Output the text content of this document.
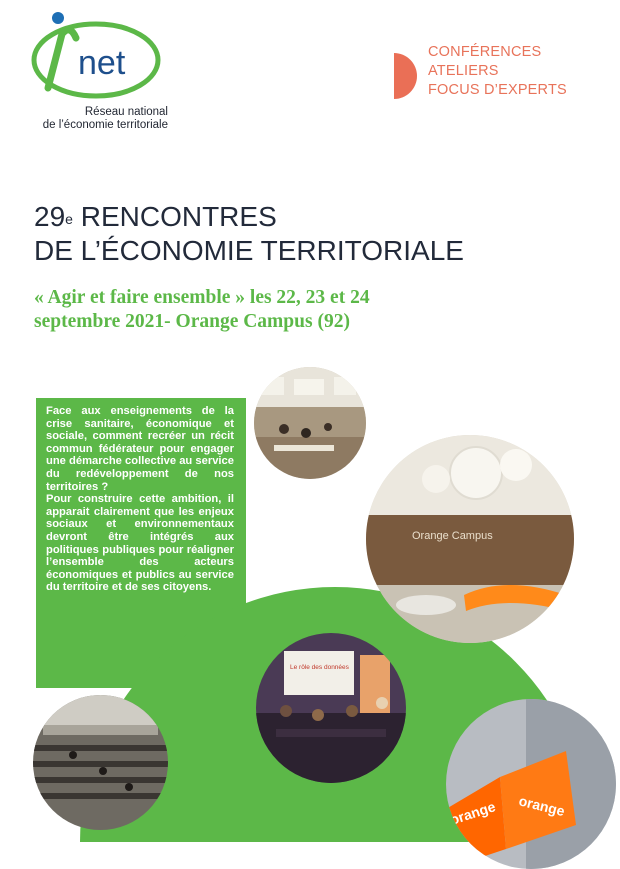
net
Réseau national
de l’économie territoriale
CONFÉRENCES
ATELIERS
FOCUS D’EXPERTS
29e RENCONTRES
DE L’ÉCONOMIE TERRITORIALE
« Agir et faire ensemble » les 22, 23 et 24
septembre 2021- Orange Campus (92)

Face aux enseignements de la crise sanitaire, économique et sociale, comment recréer un récit commun fédérateur pour engager une démarche collective au service du redéveloppement de nos territoires ?

Pour construire cette ambition, il apparait clairement que les enjeux sociaux et environnementaux devront être intégrés aux politiques publiques pour réaligner l’ensemble des acteurs économiques et publics au service du territoire et de ses citoyens.

Orange Campus
Le rôle des données
orange orange
